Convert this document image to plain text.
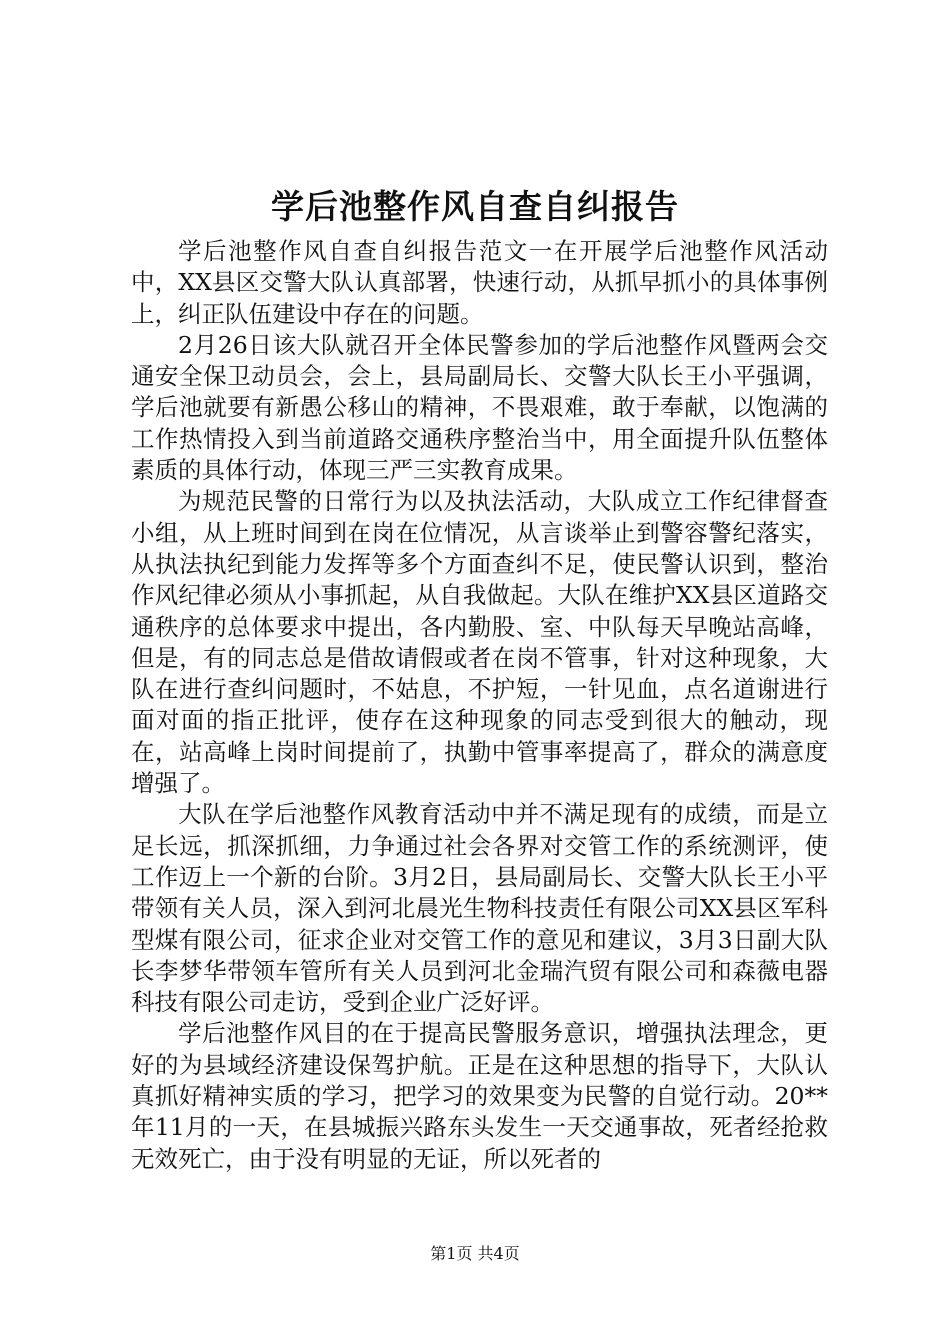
学后池整作风自查自纠报告

学后池整作风自查自纠报告范文一在开展学后池整作风活动中，XX县区交警大队认真部署，快速行动，从抓早抓小的具体事例上，纠正队伍建设中存在的问题。

2月26日该大队就召开全体民警参加的学后池整作风暨两会交通安全保卫动员会，会上，县局副局长、交警大队长王小平强调，学后池就要有新愚公移山的精神，不畏艰难，敢于奉献，以饱满的工作热情投入到当前道路交通秩序整治当中，用全面提升队伍整体素质的具体行动，体现三严三实教育成果。

为规范民警的日常行为以及执法活动，大队成立工作纪律督查小组，从上班时间到在岗在位情况，从言谈举止到警容警纪落实，从执法执纪到能力发挥等多个方面查纠不足，使民警认识到，整治作风纪律必须从小事抓起，从自我做起。大队在维护XX县区道路交通秩序的总体要求中提出，各内勤股、室、中队每天早晚站高峰，但是，有的同志总是借故请假或者在岗不管事，针对这种现象，大队在进行查纠问题时，不姑息，不护短，一针见血，点名道谢进行面对面的指正批评，使存在这种现象的同志受到很大的触动，现在，站高峰上岗时间提前了，执勤中管事率提高了，群众的满意度增强了。

大队在学后池整作风教育活动中并不满足现有的成绩，而是立足长远，抓深抓细，力争通过社会各界对交管工作的系统测评，使工作迈上一个新的台阶。3月2日，县局副局长、交警大队长王小平带领有关人员，深入到河北晨光生物科技责任有限公司XX县区军科型煤有限公司，征求企业对交管工作的意见和建议，3月3日副大队长李梦华带领车管所有关人员到河北金瑞汽贸有限公司和森薇电器科技有限公司走访，受到企业广泛好评。

学后池整作风目的在于提高民警服务意识，增强执法理念，更好的为县域经济建设保驾护航。正是在这种思想的指导下，大队认真抓好精神实质的学习，把学习的效果变为民警的自觉行动。20**年11月的一天，在县城振兴路东头发生一天交通事故，死者经抢救无效死亡，由于没有明显的无证，所以死者的

第1页 共4页
